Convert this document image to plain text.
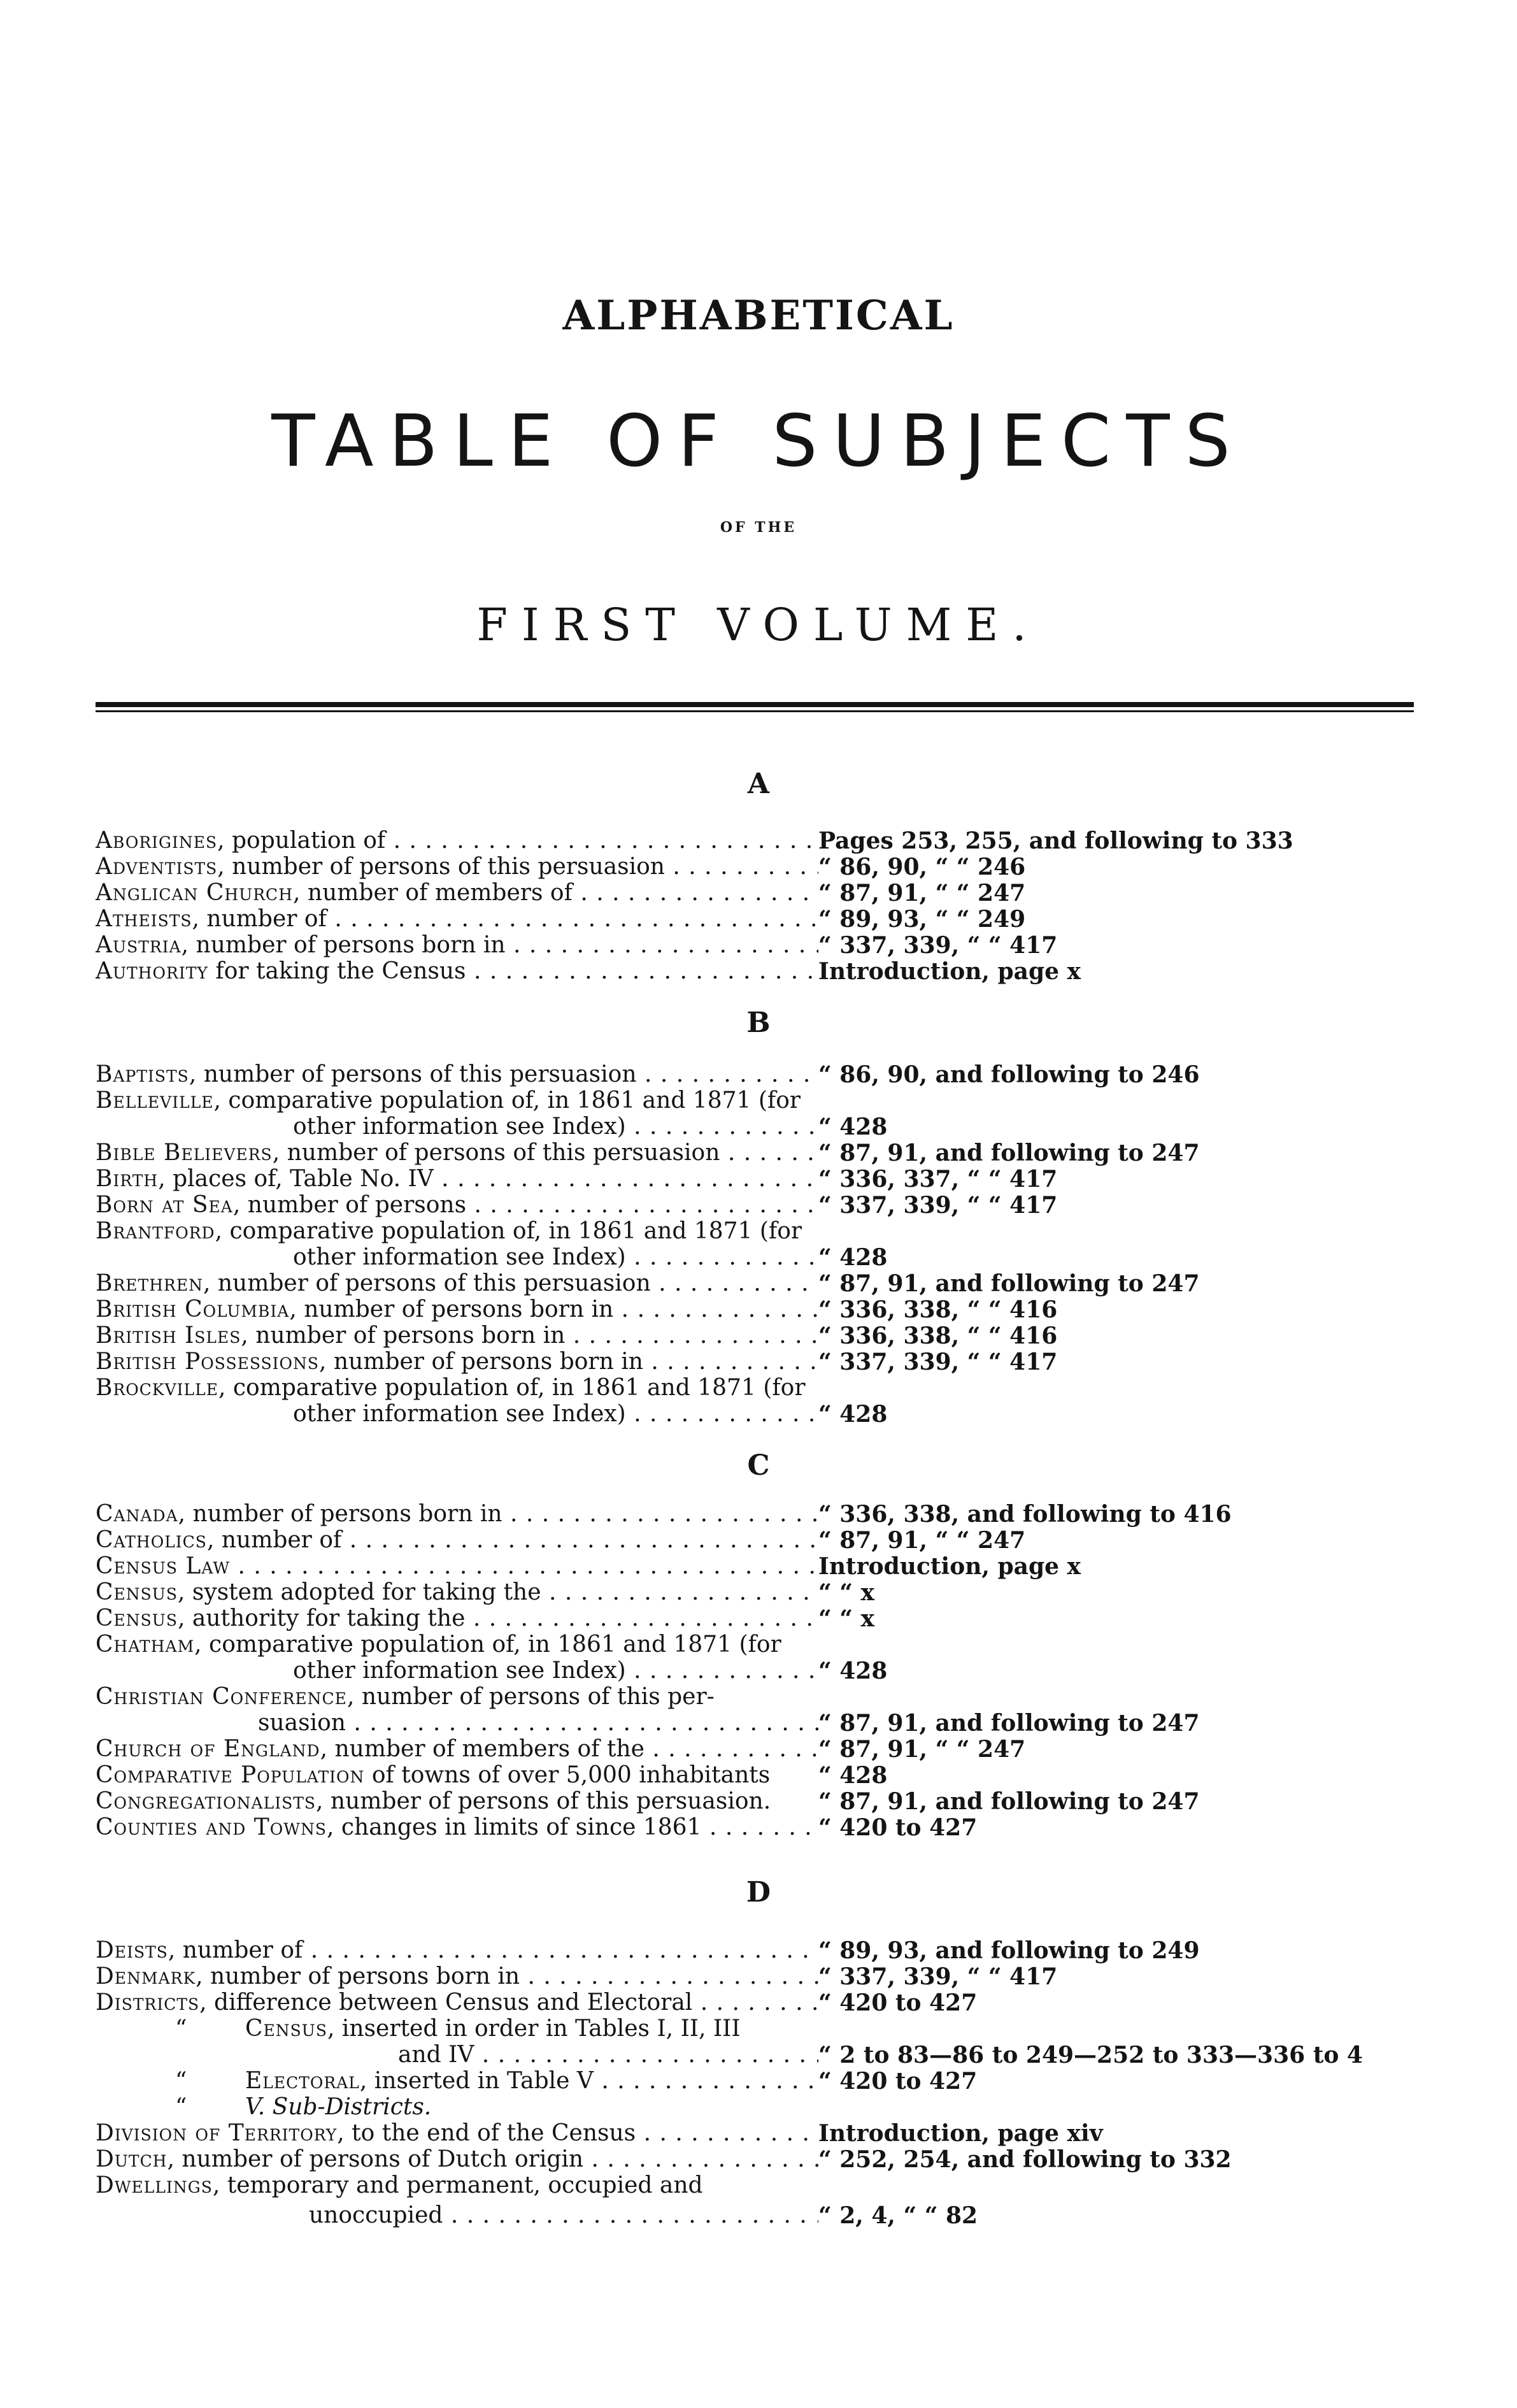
ALPHABETICAL
TABLE OF SUBJECTS
OF THE
FIRST VOLUME.
A
Aborigines, population of . . .	Pages 253, 255, and following to 333
Adventists, number of persons of this persuasion . . .	“ 86, 90, “ “ 246
Anglican Church, number of members of . . .	“ 87, 91, “ “ 247
Atheists, number of . . .	“ 89, 93, “ “ 249
Austria, number of persons born in . . .	“ 337, 339, “ “ 417
Authority for taking the Census . . .	Introduction, page x
B
Baptists, number of persons of this persuasion . . .	“ 86, 90, and following to 246
Belleville, comparative population of, in 1861 and 1871 (for
other information see Index) . . .	“ 428
Bible Believers, number of persons of this persuasion . . .	“ 87, 91, and following to 247
Birth, places of, Table No. IV . . .	“ 336, 337, “ “ 417
Born at Sea, number of persons . . .	“ 337, 339, “ “ 417
Brantford, comparative population of, in 1861 and 1871 (for
other information see Index) . . .	“ 428
Brethren, number of persons of this persuasion . . .	“ 87, 91, and following to 247
British Columbia, number of persons born in . . .	“ 336, 338, “ “ 416
British Isles, number of persons born in . . .	“ 336, 338, “ “ 416
British Possessions, number of persons born in . . .	“ 337, 339, “ “ 417
Brockville, comparative population of, in 1861 and 1871 (for
other information see Index) . . .	“ 428
C
Canada, number of persons born in . . .	“ 336, 338, and following to 416
Catholics, number of . . .	“ 87, 91, “ “ 247
Census Law . . .	Introduction, page x
Census, system adopted for taking the . . .	“ “ x
Census, authority for taking the . . .	“ “ x
Chatham, comparative population of, in 1861 and 1871 (for
other information see Index) . . .	“ 428
Christian Conference, number of persons of this per-
suasion . . .	“ 87, 91, and following to 247
Church of England, number of members of the . . .	“ 87, 91, “ “ 247
Comparative Population of towns of over 5,000 inhabitants “ 428
Congregationalists, number of persons of this persuasion. “ 87, 91, and following to 247
Counties and Towns, changes in limits of since 1861 . . .	“ 420 to 427
D
Deists, number of . . .	“ 89, 93, and following to 249
Denmark, number of persons born in . . .	“ 337, 339, “ “ 417
Districts, difference between Census and Electoral . . .	“ 420 to 427
“	Census, inserted in order in Tables I, II, III
and IV . . .	“ 2 to 83—86 to 249—252 to 333—336 to 4
“	Electoral, inserted in Table V . . .	“ 420 to 427
“	V. Sub-Districts.
Division of Territory, to the end of the Census . . .	Introduction, page xiv
Dutch, number of persons of Dutch origin . . .	“ 252, 254, and following to 332
Dwellings, temporary and permanent, occupied and
unoccupied . . .	“ 2, 4, “ “ 82
